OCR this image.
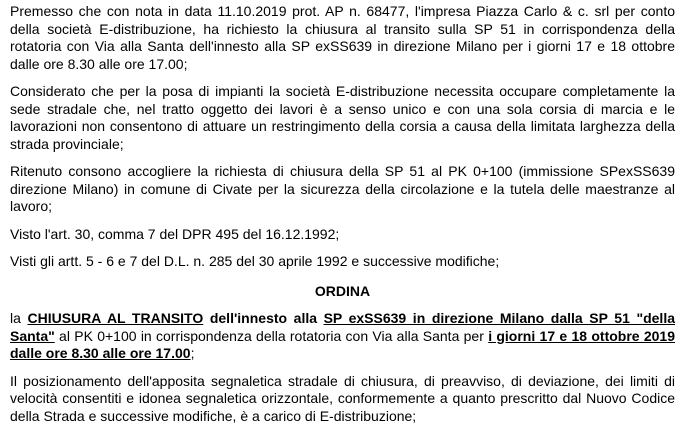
Premesso che con nota in data 11.10.2019 prot. AP n. 68477, l'impresa Piazza Carlo & c. srl per conto della società E-distribuzione, ha richiesto la chiusura al transito sulla SP 51 in corrispondenza della rotatoria con Via alla Santa dell'innesto alla SP exSS639 in direzione Milano per i giorni 17 e 18 ottobre dalle ore 8.30 alle ore 17.00;

Considerato che per la posa di impianti la società E-distribuzione necessita occupare completamente la sede stradale che, nel tratto oggetto dei lavori è a senso unico e con una sola corsia di marcia e le lavorazioni non consentono di attuare un restringimento della corsia a causa della limitata larghezza della strada provinciale;

Ritenuto consono accogliere la richiesta di chiusura della SP 51 al PK 0+100 (immissione SPexSS639 direzione Milano) in comune di Civate per la sicurezza della circolazione e la tutela delle maestranze al lavoro;

Visto l'art. 30, comma 7 del DPR 495 del 16.12.1992;

Visti gli artt. 5 - 6 e 7 del D.L. n. 285 del 30 aprile 1992 e successive modifiche;

ORDINA

la CHIUSURA AL TRANSITO dell'innesto alla SP exSS639 in direzione Milano dalla SP 51 "della Santa" al PK 0+100 in corrispondenza della rotatoria con Via alla Santa per i giorni 17 e 18 ottobre 2019 dalle ore 8.30 alle ore 17.00;

Il posizionamento dell'apposita segnaletica stradale di chiusura, di preavviso, di deviazione, dei limiti di velocità consentiti e idonea segnaletica orizzontale, conformemente a quanto prescritto dal Nuovo Codice della Strada e successive modifiche, è a carico di E-distribuzione;
